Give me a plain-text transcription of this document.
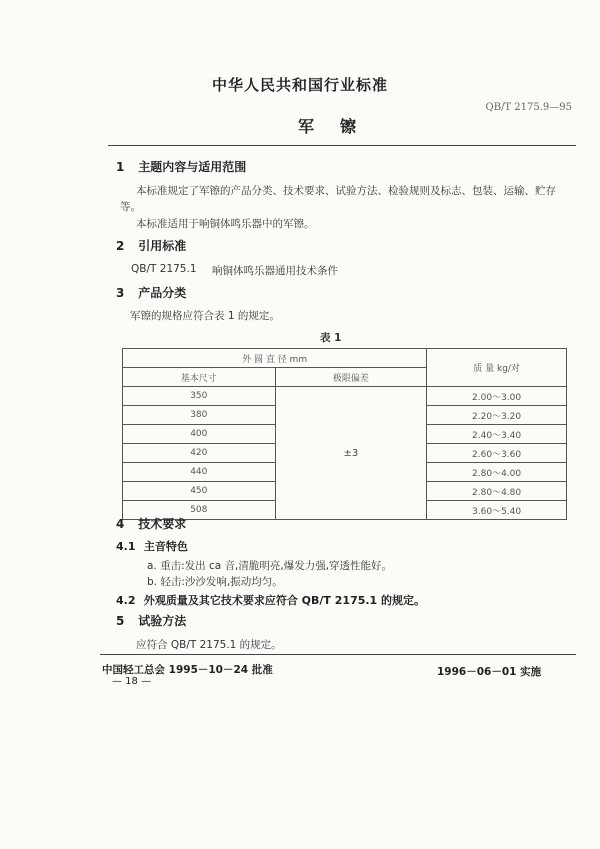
中华人民共和国行业标准
QB/T 2175.9—95
军镲
1 主题内容与适用范围
本标准规定了军镲的产品分类、技术要求、试验方法、检验规则及标志、包装、运输、贮存
等。
本标准适用于响铜体鸣乐器中的军镲。
2 引用标准
QB/T 2175.1 响铜体鸣乐器通用技术条件
3 产品分类
军镲的规格应符合表 1 的规定。
表 1
外 圆 直 径 mm		质 量 kg/对
基本尺寸	极限偏差	
350	±3	2.00～3.00
380		2.20～3.20
400		2.40～3.40
420		2.60～3.60
440		2.80～4.00
450		2.80～4.80
508		3.60～5.40
4 技术要求
4.1 主音特色
a. 重击:发出 ca 音,清脆明亮,爆发力强,穿透性能好。
b. 轻击:沙沙发响,振动均匀。
4.2 外观质量及其它技术要求应符合 QB/T 2175.1 的规定。
5 试验方法
应符合 QB/T 2175.1 的规定。
中国轻工总会 1995－10－24 批准	1996－06－01 实施
— 18 —
